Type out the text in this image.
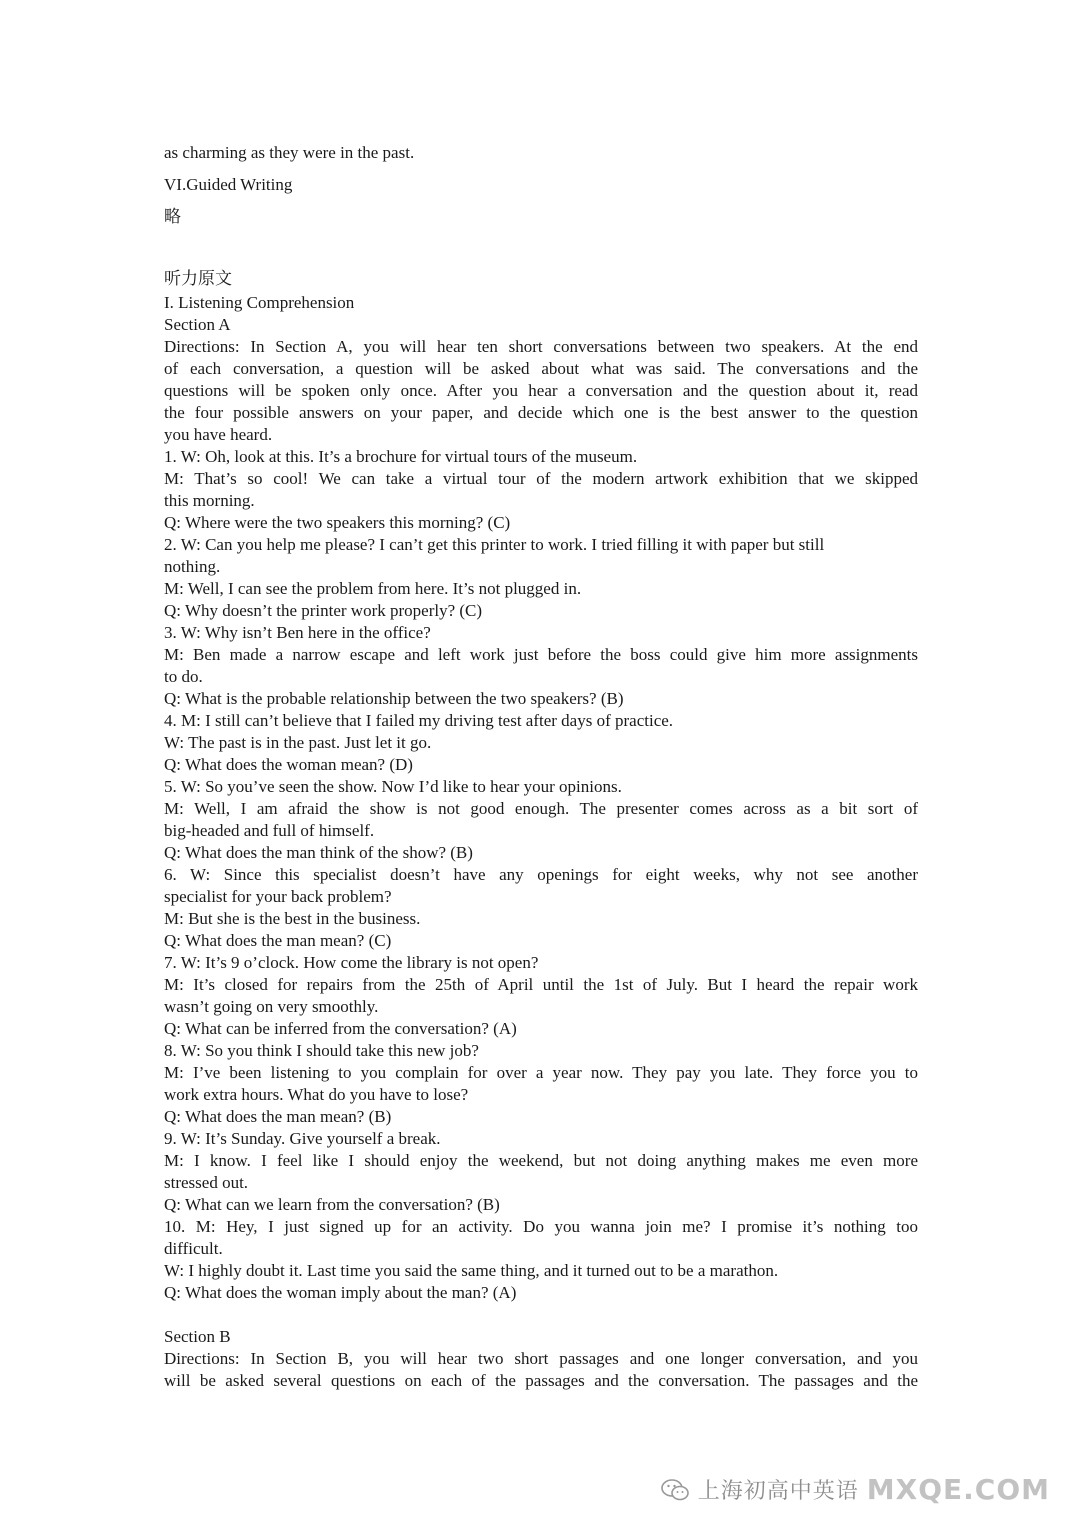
as charming as they were in the past.

VI.Guided Writing

略

听力原文

I. Listening Comprehension

Section A

Directions: In Section A, you will hear ten short conversations between two speakers. At the end

of each conversation, a question will be asked about what was said. The conversations and the

questions will be spoken only once. After you hear a conversation and the question about it, read

the four possible answers on your paper, and decide which one is the best answer to the question

you have heard.

1. W: Oh, look at this. It’s a brochure for virtual tours of the museum.

M: That’s so cool! We can take a virtual tour of the modern artwork exhibition that we skipped

this morning.

Q: Where were the two speakers this morning? (C)

2. W: Can you help me please? I can’t get this printer to work. I tried filling it with paper but still

nothing.

M: Well, I can see the problem from here. It’s not plugged in.

Q: Why doesn’t the printer work properly? (C)

3. W: Why isn’t Ben here in the office?

M: Ben made a narrow escape and left work just before the boss could give him more assignments

to do.

Q: What is the probable relationship between the two speakers? (B)

4. M: I still can’t believe that I failed my driving test after days of practice.

W: The past is in the past. Just let it go.

Q: What does the woman mean? (D)

5. W: So you’ve seen the show. Now I’d like to hear your opinions.

M: Well, I am afraid the show is not good enough. The presenter comes across as a bit sort of

big-headed and full of himself.

Q: What does the man think of the show? (B)

6. W: Since this specialist doesn’t have any openings for eight weeks, why not see another

specialist for your back problem?

M: But she is the best in the business.

Q: What does the man mean? (C)

7. W: It’s 9 o’clock. How come the library is not open?

M: It’s closed for repairs from the 25th of April until the 1st of July. But I heard the repair work

wasn’t going on very smoothly.

Q: What can be inferred from the conversation? (A)

8. W: So you think I should take this new job?

M: I’ve been listening to you complain for over a year now. They pay you late. They force you to

work extra hours. What do you have to lose?

Q: What does the man mean? (B)

9. W: It’s Sunday. Give yourself a break.

M: I know. I feel like I should enjoy the weekend, but not doing anything makes me even more

stressed out.

Q: What can we learn from the conversation? (B)

10. M: Hey, I just signed up for an activity. Do you wanna join me? I promise it’s nothing too

difficult.

W: I highly doubt it. Last time you said the same thing, and it turned out to be a marathon.

Q: What does the woman imply about the man? (A)

Section B

Directions: In Section B, you will hear two short passages and one longer conversation, and you

will be asked several questions on each of the passages and the conversation. The passages and the

上海初高中英语 MXQE.COM
